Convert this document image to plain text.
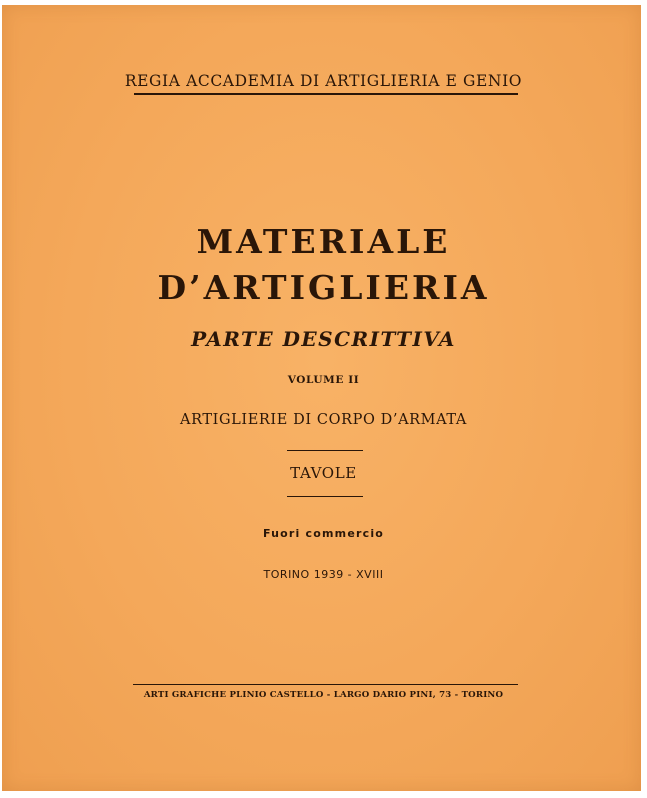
REGIA ACCADEMIA DI ARTIGLIERIA E GENIO
MATERIALE
D’ARTIGLIERIA
PARTE DESCRITTIVA
VOLUME II
ARTIGLIERIE DI CORPO D’ARMATA
TAVOLE
Fuori commercio
TORINO 1939 - XVIII
ARTI GRAFICHE PLINIO CASTELLO - LARGO DARIO PINI, 73 - TORINO
